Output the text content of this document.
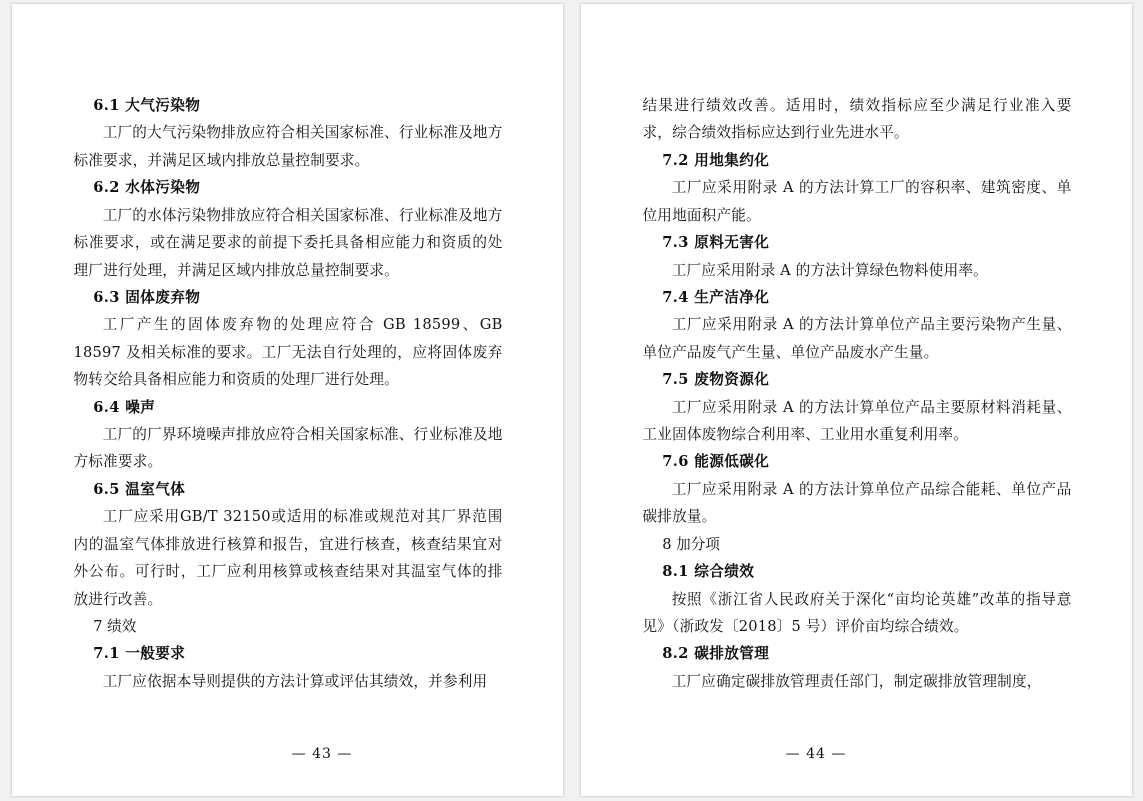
6.1 大气污染物
工厂的大气污染物排放应符合相关国家标准、行业标准及地方标准要求，并满足区域内排放总量控制要求。
6.2 水体污染物
工厂的水体污染物排放应符合相关国家标准、行业标准及地方标准要求，或在满足要求的前提下委托具备相应能力和资质的处理厂进行处理，并满足区域内排放总量控制要求。
6.3 固体废弃物
工厂产生的固体废弃物的处理应符合 GB 18599、GB 18597 及相关标准的要求。工厂无法自行处理的，应将固体废弃物转交给具备相应能力和资质的处理厂进行处理。
6.4 噪声
工厂的厂界环境噪声排放应符合相关国家标准、行业标准及地方标准要求。
6.5 温室气体
工厂应采用GB/T 32150或适用的标准或规范对其厂界范围内的温室气体排放进行核算和报告，宜进行核查，核查结果宜对外公布。可行时，工厂应利用核算或核查结果对其温室气体的排放进行改善。
7 绩效
7.1 一般要求
工厂应依据本导则提供的方法计算或评估其绩效，并参利用
— 43 —
结果进行绩效改善。适用时，绩效指标应至少满足行业准入要求，综合绩效指标应达到行业先进水平。
7.2 用地集约化
工厂应采用附录 A 的方法计算工厂的容积率、建筑密度、单位用地面积产能。
7.3 原料无害化
工厂应采用附录 A 的方法计算绿色物料使用率。
7.4 生产洁净化
工厂应采用附录 A 的方法计算单位产品主要污染物产生量、单位产品废气产生量、单位产品废水产生量。
7.5 废物资源化
工厂应采用附录 A 的方法计算单位产品主要原材料消耗量、工业固体废物综合利用率、工业用水重复利用率。
7.6 能源低碳化
工厂应采用附录 A 的方法计算单位产品综合能耗、单位产品碳排放量。
8 加分项
8.1 综合绩效
按照《浙江省人民政府关于深化“亩均论英雄”改革的指导意见》（浙政发〔2018〕5 号）评价亩均综合绩效。
8.2 碳排放管理
工厂应确定碳排放管理责任部门，制定碳排放管理制度，
— 44 —
